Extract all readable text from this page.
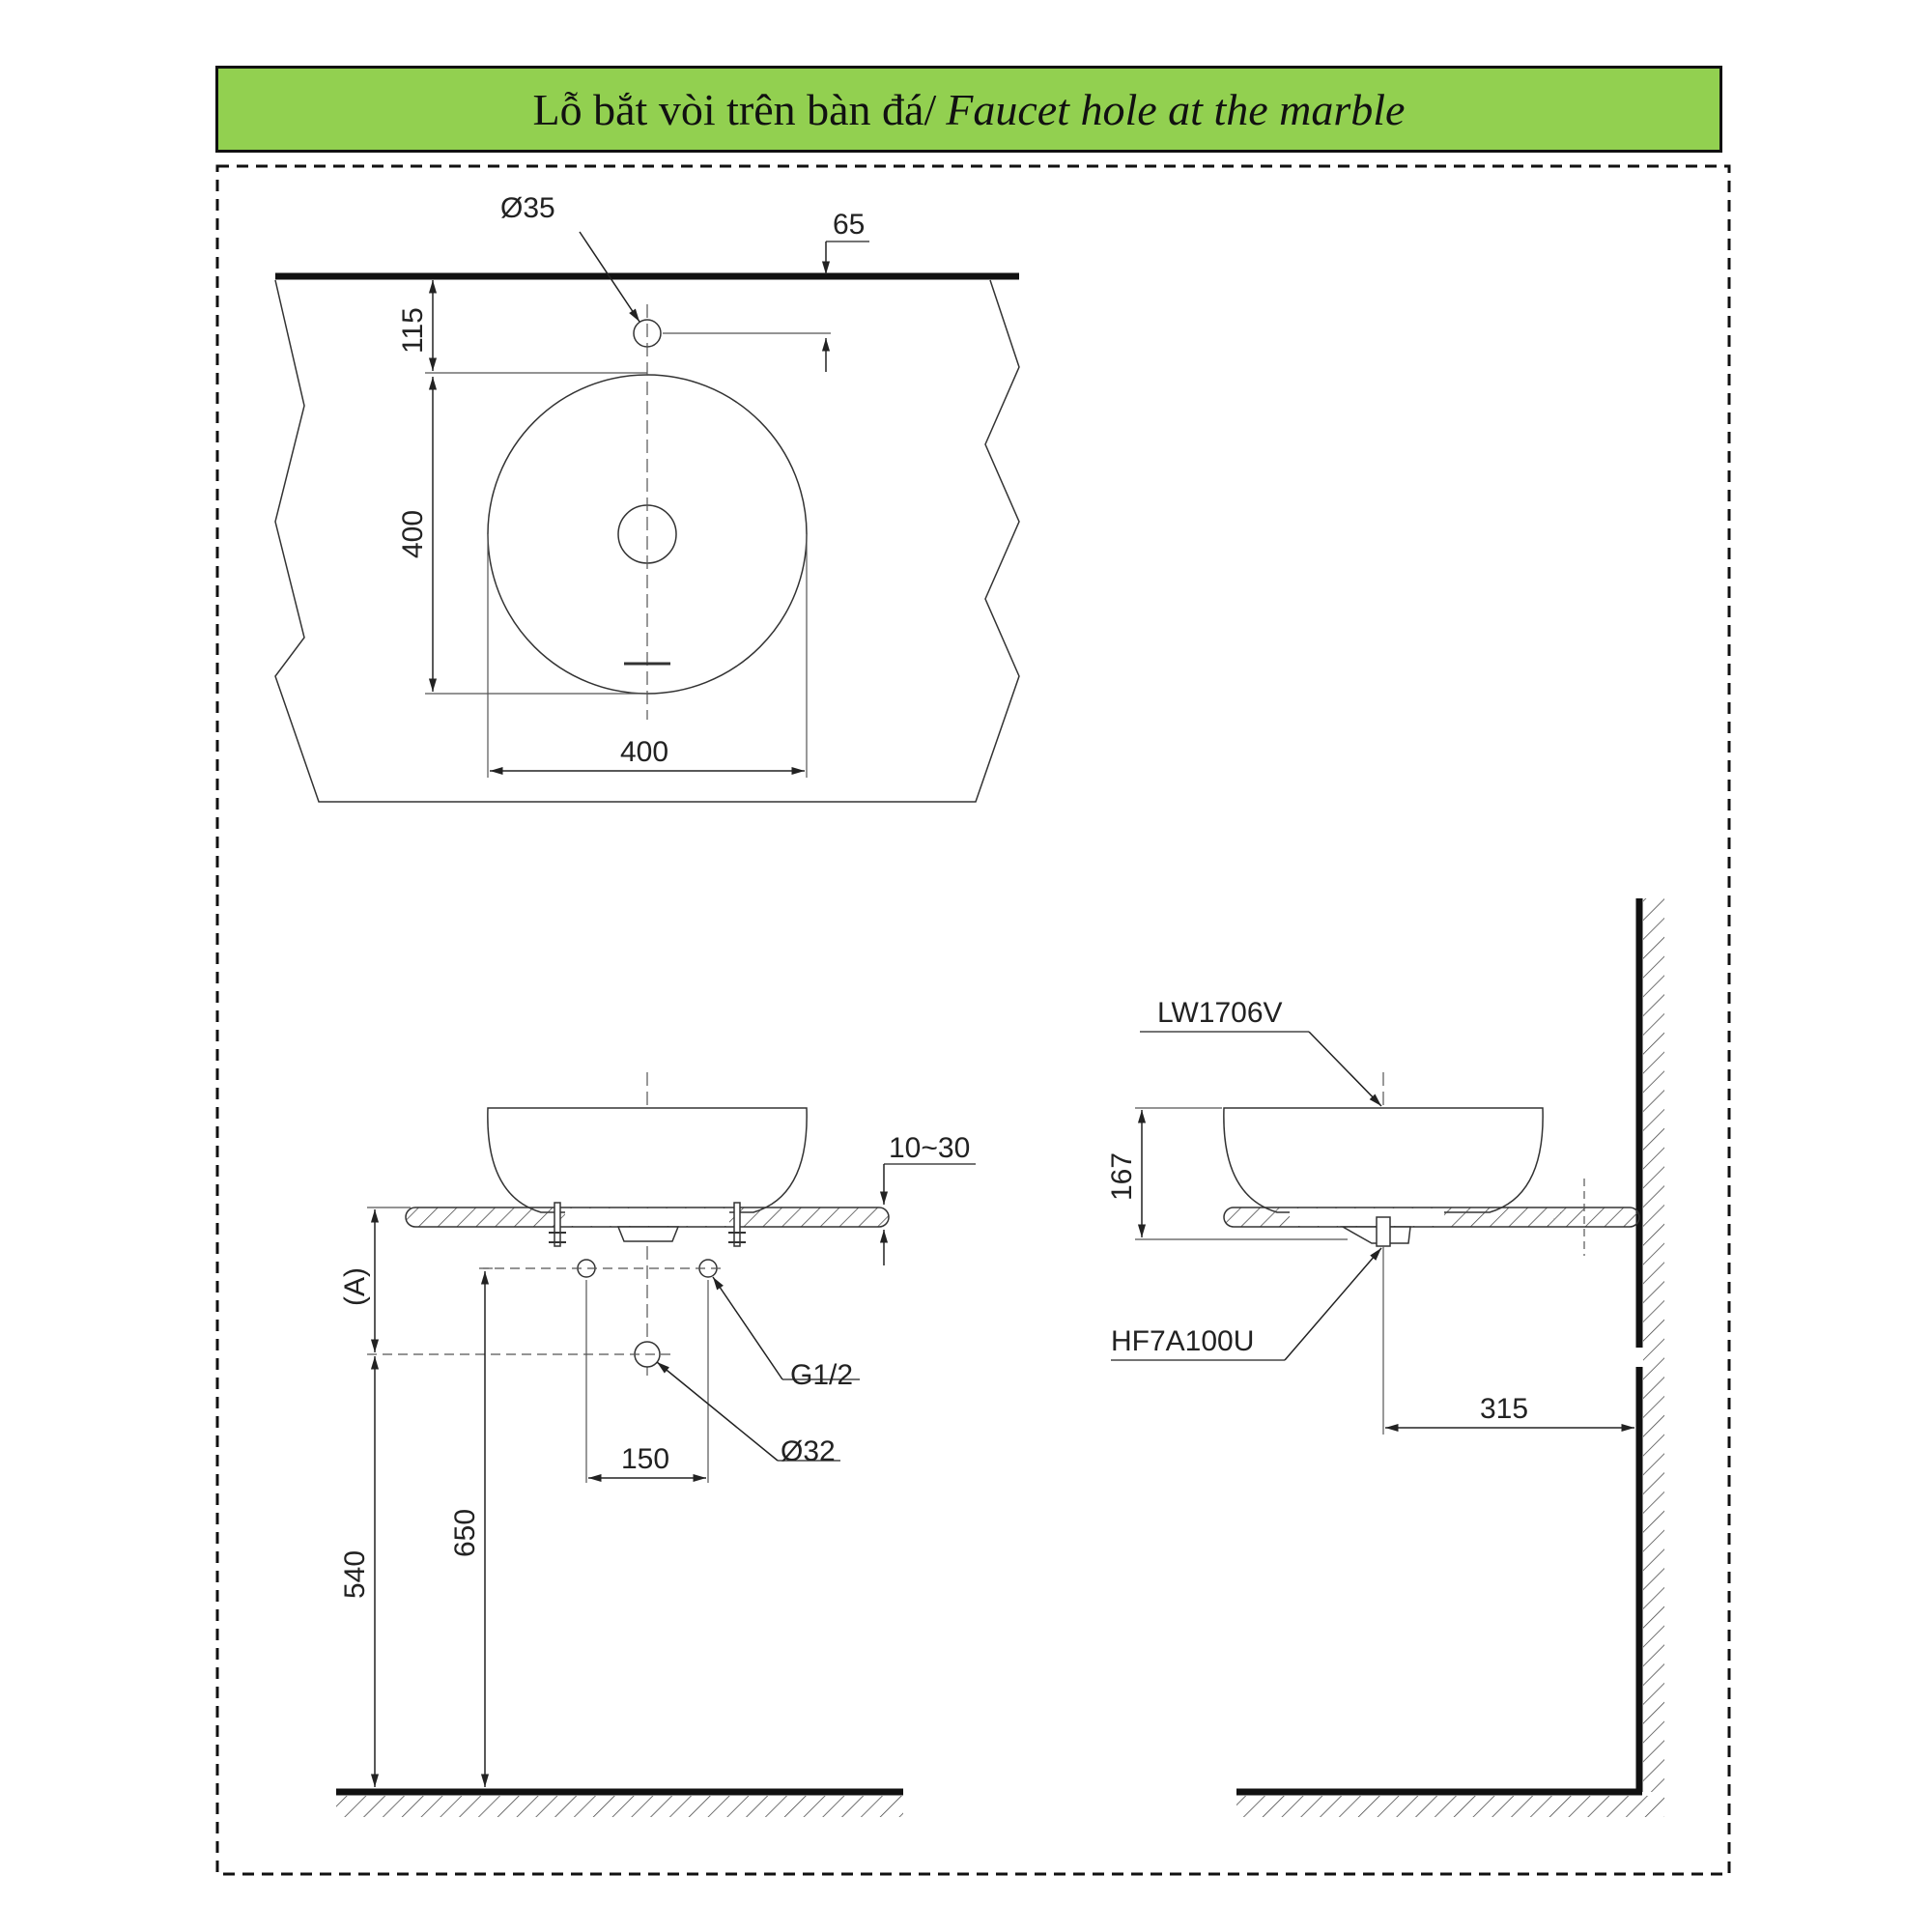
Lỗ bắt vòi trên bàn đá/ Faucet hole at the marble
Ø35
65
115
400
400
10~30
G1/2
Ø32
150
(A)
540
650
167
LW1706V
HF7A100U
315
